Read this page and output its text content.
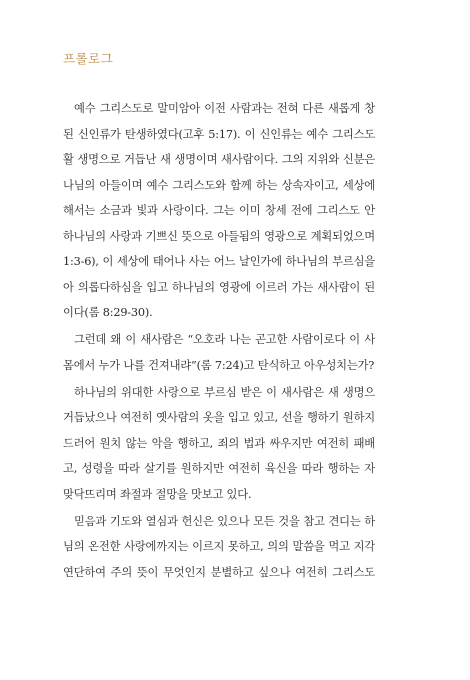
프롤로그
예수 그리스도로 말미암아 이전 사람과는 전혀 다른 새롭게 창
된 신인류가 탄생하였다(고후 5:17). 이 신인류는 예수 그리스도
활 생명으로 거듭난 새 생명이며 새사람이다. 그의 지위와 신분은
나님의 아들이며 예수 그리스도와 함께 하는 상속자이고, 세상에
해서는 소금과 빛과 사랑이다. 그는 이미 창세 전에 그리스도 안
하나님의 사랑과 기쁘신 뜻으로 아들됨의 영광으로 계획되었으며
1:3-6), 이 세상에 태어나 사는 어느 날인가에 하나님의 부르심을
아 의롭다하심을 입고 하나님의 영광에 이르러 가는 새사람이 된
이다(롬 8:29-30).
그런데 왜 이 새사람은 “오호라 나는 곤고한 사람이로다 이 사
몸에서 누가 나를 건져내랴”(롬 7:24)고 탄식하고 아우성치는가?
하나님의 위대한 사랑으로 부르심 받은 이 새사람은 새 생명으
거듭났으나 여전히 옛사람의 옷을 입고 있고, 선을 행하기 원하지
드러어 원치 않는 악을 행하고, 죄의 법과 싸우지만 여전히 패배
고, 성령을 따라 살기를 원하지만 여전히 육신을 따라 행하는 자
맞닥뜨리며 좌절과 절망을 맛보고 있다.
믿음과 기도와 열심과 헌신은 있으나 모든 것을 참고 견디는 하
님의 온전한 사랑에까지는 이르지 못하고, 의의 말씀을 먹고 지각
연단하여 주의 뜻이 무엇인지 분별하고 싶으나 여전히 그리스도
